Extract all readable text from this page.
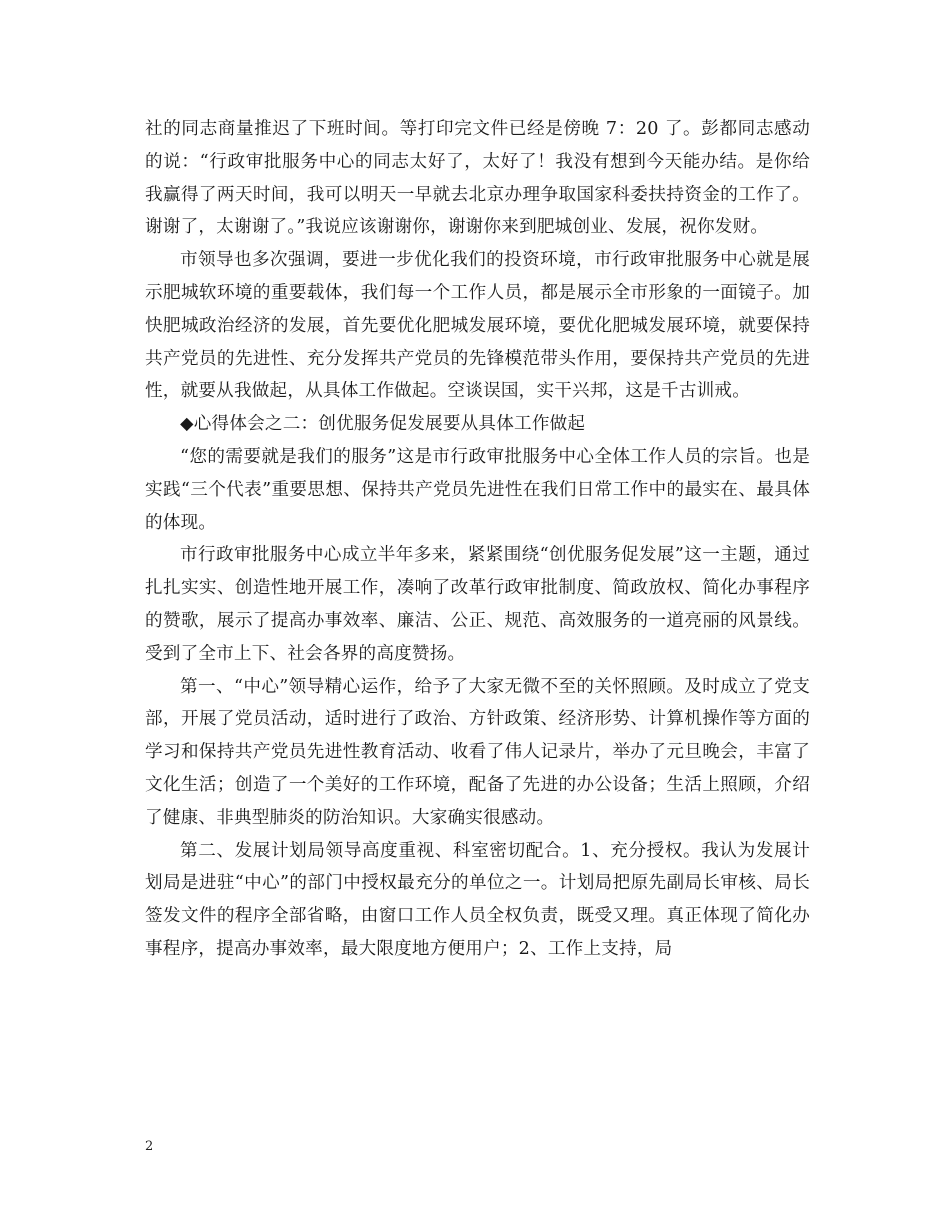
社的同志商量推迟了下班时间。等打印完文件已经是傍晚 7：20 了。彭都同志感动的说：“行政审批服务中心的同志太好了，太好了！我没有想到今天能办结。是你给我赢得了两天时间，我可以明天一早就去北京办理争取国家科委扶持资金的工作了。谢谢了，太谢谢了。”我说应该谢谢你，谢谢你来到肥城创业、发展，祝你发财。

市领导也多次强调，要进一步优化我们的投资环境，市行政审批服务中心就是展示肥城软环境的重要载体，我们每一个工作人员，都是展示全市形象的一面镜子。加快肥城政治经济的发展，首先要优化肥城发展环境，要优化肥城发展环境，就要保持共产党员的先进性、充分发挥共产党员的先锋模范带头作用，要保持共产党员的先进性，就要从我做起，从具体工作做起。空谈误国，实干兴邦，这是千古训戒。

◆心得体会之二：创优服务促发展要从具体工作做起

“您的需要就是我们的服务”这是市行政审批服务中心全体工作人员的宗旨。也是实践“三个代表”重要思想、保持共产党员先进性在我们日常工作中的最实在、最具体的体现。

市行政审批服务中心成立半年多来，紧紧围绕“创优服务促发展”这一主题，通过扎扎实实、创造性地开展工作，凑响了改革行政审批制度、简政放权、简化办事程序的赞歌，展示了提高办事效率、廉洁、公正、规范、高效服务的一道亮丽的风景线。受到了全市上下、社会各界的高度赞扬。

第一、“中心”领导精心运作，给予了大家无微不至的关怀照顾。及时成立了党支部，开展了党员活动，适时进行了政治、方针政策、经济形势、计算机操作等方面的学习和保持共产党员先进性教育活动、收看了伟人记录片，举办了元旦晚会，丰富了文化生活；创造了一个美好的工作环境，配备了先进的办公设备；生活上照顾，介绍了健康、非典型肺炎的防治知识。大家确实很感动。

第二、发展计划局领导高度重视、科室密切配合。1、充分授权。我认为发展计划局是进驻“中心”的部门中授权最充分的单位之一。计划局把原先副局长审核、局长签发文件的程序全部省略，由窗口工作人员全权负责，既受又理。真正体现了简化办事程序，提高办事效率，最大限度地方便用户；2、工作上支持，局

2
